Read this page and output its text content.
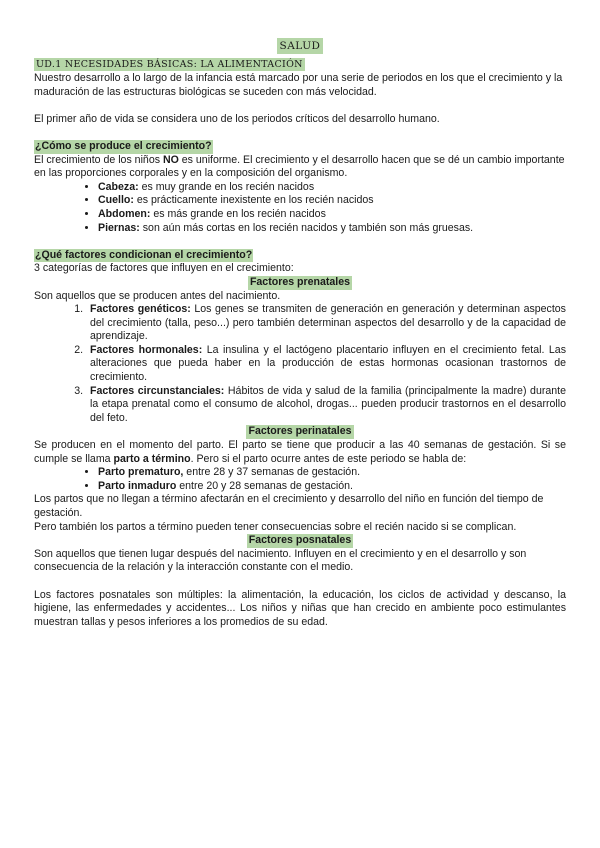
SALUD
UD.1 NECESIDADES BÁSICAS: LA ALIMENTACIÓN

Nuestro desarrollo a lo largo de la infancia está marcado por una serie de periodos en los que el crecimiento y la maduración de las estructuras biológicas se suceden con más velocidad.

El primer año de vida se considera uno de los periodos críticos del desarrollo humano.

¿Cómo se produce el crecimiento?

El crecimiento de los niños NO es uniforme. El crecimiento y el desarrollo hacen que se dé un cambio importante en las proporciones corporales y en la composición del organismo.

• Cabeza: es muy grande en los recién nacidos
• Cuello: es prácticamente inexistente en los recién nacidos
• Abdomen: es más grande en los recién nacidos
• Piernas: son aún más cortas en los recién nacidos y también son más gruesas.
¿Qué factores condicionan el crecimiento?

3 categorías de factores que influyen en el crecimiento:

Factores prenatales

Son aquellos que se producen antes del nacimiento.

1. Factores genéticos: Los genes se transmiten de generación en generación y determinan aspectos del crecimiento (talla, peso...) pero también determinan aspectos del desarrollo y de la capacidad de aprendizaje.
2. Factores hormonales: La insulina y el lactógeno placentario influyen en el crecimiento fetal. Las alteraciones que pueda haber en la producción de estas hormonas ocasionan trastornos de crecimiento.
3. Factores circunstanciales: Hábitos de vida y salud de la familia (principalmente la madre) durante la etapa prenatal como el consumo de alcohol, drogas... pueden producir trastornos en el desarrollo del feto.
Factores perinatales

Se producen en el momento del parto. El parto se tiene que producir a las 40 semanas de gestación. Si se cumple se llama parto a término. Pero si el parto ocurre antes de este periodo se habla de:

• Parto prematuro, entre 28 y 37 semanas de gestación.
• Parto inmaduro entre 20 y 28 semanas de gestación.

Los partos que no llegan a término afectarán en el crecimiento y desarrollo del niño en función del tiempo de gestación.

Pero también los partos a término pueden tener consecuencias sobre el recién nacido si se complican.

Factores posnatales

Son aquellos que tienen lugar después del nacimiento. Influyen en el crecimiento y en el desarrollo y son consecuencia de la relación y la interacción constante con el medio.

Los factores posnatales son múltiples: la alimentación, la educación, los ciclos de actividad y descanso, la higiene, las enfermedades y accidentes... Los niños y niñas que han crecido en ambiente poco estimulantes muestran tallas y pesos inferiores a los promedios de su edad.
